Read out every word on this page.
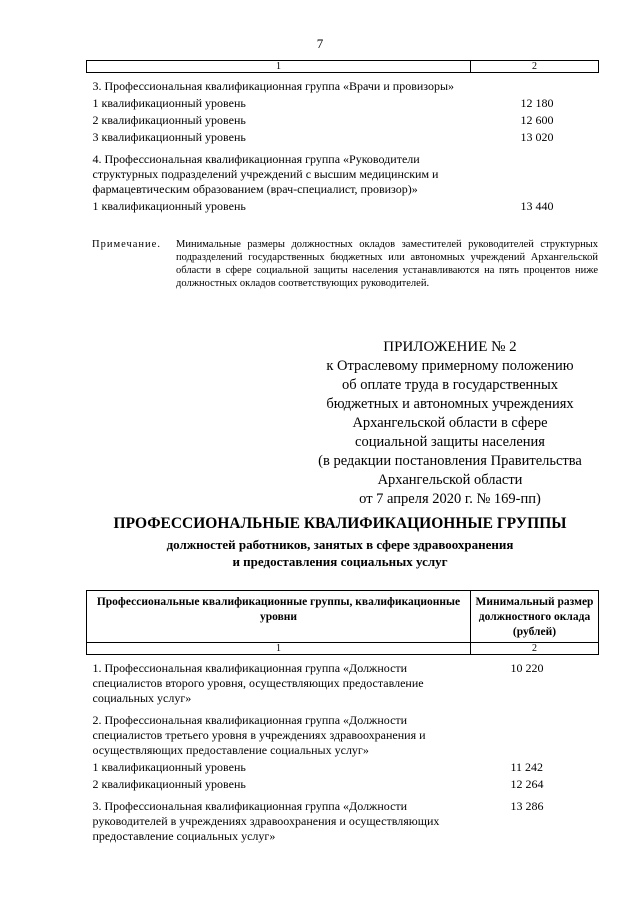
7
1	2
3. Профессиональная квалификационная группа «Врачи и провизоры»	
1 квалификационный уровень	12 180
2 квалификационный уровень	12 600
3 квалификационный уровень	13 020
4. Профессиональная квалификационная группа «Руководители структурных подразделений учреждений с высшим медицинским и фармацевтическим образованием (врач-специалист, провизор)»	
1 квалификационный уровень	13 440
Примечание.	Минимальные размеры должностных окладов заместителей руководителей структурных подразделений государственных бюджетных или автономных учреждений Архангельской области в сфере социальной защиты населения устанавливаются на пять процентов ниже должностных окладов соответствующих руководителей.
ПРИЛОЖЕНИЕ № 2
к Отраслевому примерному положению
об оплате труда в государственных
бюджетных и автономных учреждениях
Архангельской области в сфере
социальной защиты населения
(в редакции постановления Правительства
Архангельской области
от 7 апреля 2020 г. № 169-пп)
ПРОФЕССИОНАЛЬНЫЕ КВАЛИФИКАЦИОННЫЕ ГРУППЫ
должностей работников, занятых в сфере здравоохранения
и предоставления социальных услуг
Профессиональные квалификационные группы, квалификационные уровни	Минимальный размер должностного оклада (рублей)
1	2
1. Профессиональная квалификационная группа «Должности специалистов второго уровня, осуществляющих предоставление социальных услуг»	10 220
2. Профессиональная квалификационная группа «Должности специалистов третьего уровня в учреждениях здравоохранения и осуществляющих предоставление социальных услуг»	
1 квалификационный уровень	11 242
2 квалификационный уровень	12 264
3. Профессиональная квалификационная группа «Должности руководителей в учреждениях здравоохранения и осуществляющих предоставление социальных услуг»	13 286
